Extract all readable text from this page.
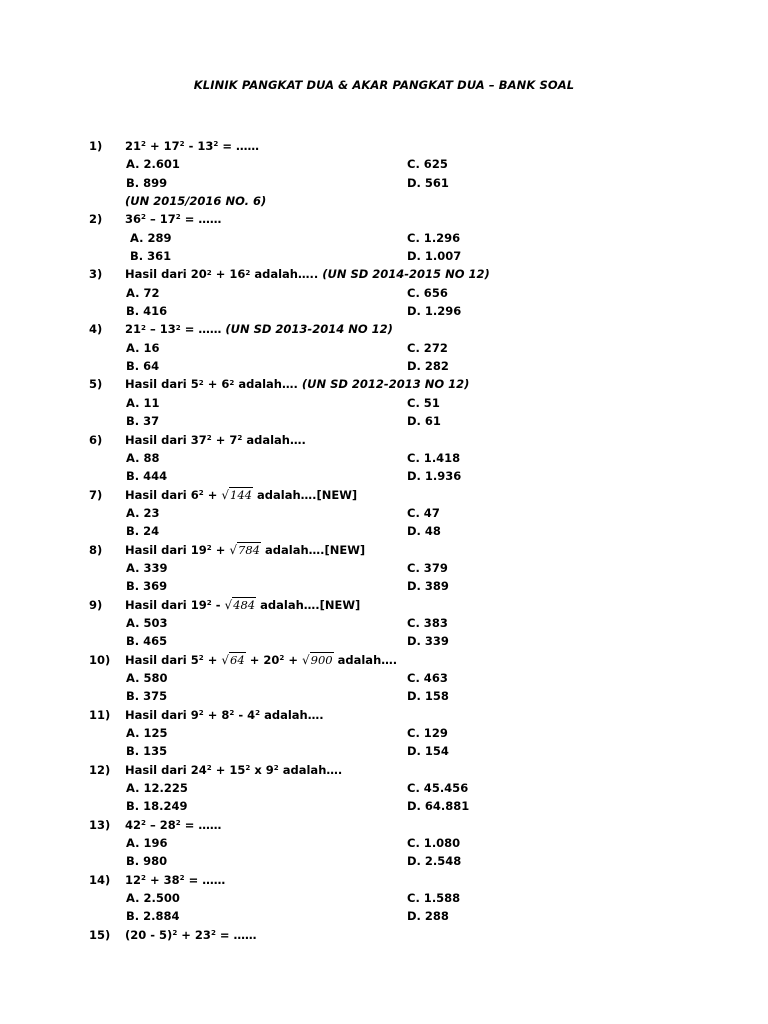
KLINIK PANGKAT DUA & AKAR PANGKAT DUA – BANK SOAL
1) $21^2 + 17^2 - 13^2$ = ……
A. 2.601	C. 625
B. 899	D. 561
(UN 2015/2016 NO. 6)
2) $36^2 - 17^2$ = ……
A. 289	C. 1.296
B. 361	D. 1.007
3) Hasil dari $20^2 + 16^2$ adalah….. (UN SD 2014-2015 NO 12)
A. 72	C. 656
B. 416	D. 1.296
4) $21^2 - 13^2$ = …… (UN SD 2013-2014 NO 12)
A. 16	C. 272
B. 64	D. 282
5) Hasil dari $5^2 + 6^2$ adalah…. (UN SD 2012-2013 NO 12)
A. 11	C. 51
B. 37	D. 61
6) Hasil dari $37^2 + 7^2$ adalah….
A. 88	C. 1.418
B. 444	D. 1.936
7) Hasil dari $6^2 + √144$ adalah….[NEW]
A. 23	C. 47
B. 24	D. 48
8) Hasil dari $19^2 + √784$ adalah….[NEW]
A. 339	C. 379
B. 369	D. 389
9) Hasil dari $19^2 - √484$ adalah….[NEW]
A. 503	C. 383
B. 465	D. 339
10) Hasil dari $5^2 + √64 + 20^2 + √900$ adalah….
A. 580	C. 463
B. 375	D. 158
11) Hasil dari $9^2 + 8^2 - 4^2$ adalah….
A. 125	C. 129
B. 135	D. 154
12) Hasil dari $24^2 + 15^2$ x $9^2$ adalah….
A. 12.225	C. 45.456
B. 18.249	D. 64.881
13) $42^2 - 28^2$ = ……
A. 196	C. 1.080
B. 980	D. 2.548
14) $12^2 + 38^2$ = ……
A. 2.500	C. 1.588
B. 2.884	D. 288
15) $(20 - 5)^2 + 23^2$ = ……
